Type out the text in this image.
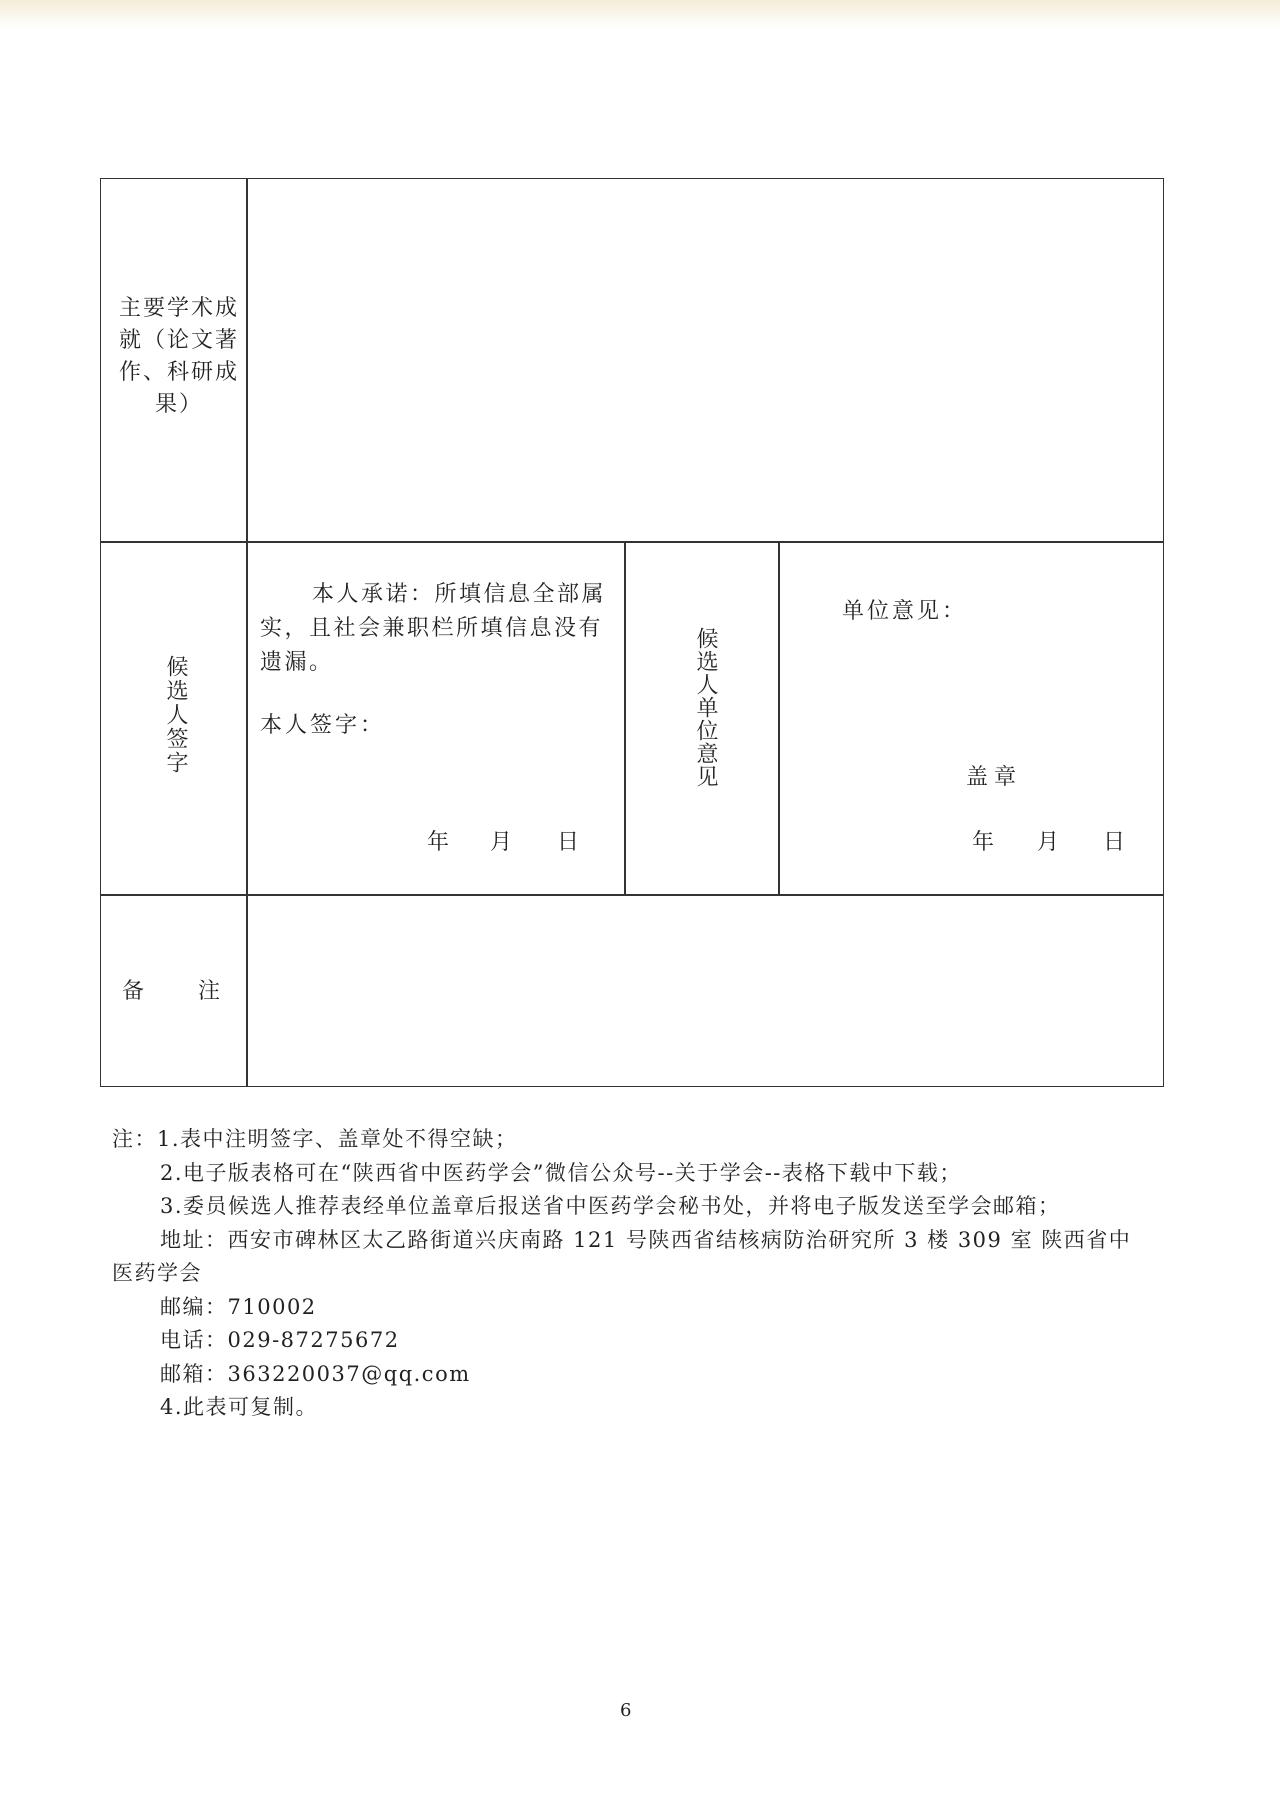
主要学术成就（论文著作、科研成果）
候选人签字
本人承诺：所填信息全部属实，且社会兼职栏所填信息没有遗漏。
本人签字：
年 月 日
候选人单位意见
单位意见：
盖章
年 月 日
备 注

注：1.表中注明签字、盖章处不得空缺；

2.电子版表格可在“陕西省中医药学会”微信公众号--关于学会--表格下载中下载；

3.委员候选人推荐表经单位盖章后报送省中医药学会秘书处，并将电子版发送至学会邮箱；

地址：西安市碑林区太乙路街道兴庆南路 121 号陕西省结核病防治研究所 3 楼 309 室 陕西省中医药学会

邮编：710002

电话：029-87275672

邮箱：363220037@qq.com

4.此表可复制。

6
